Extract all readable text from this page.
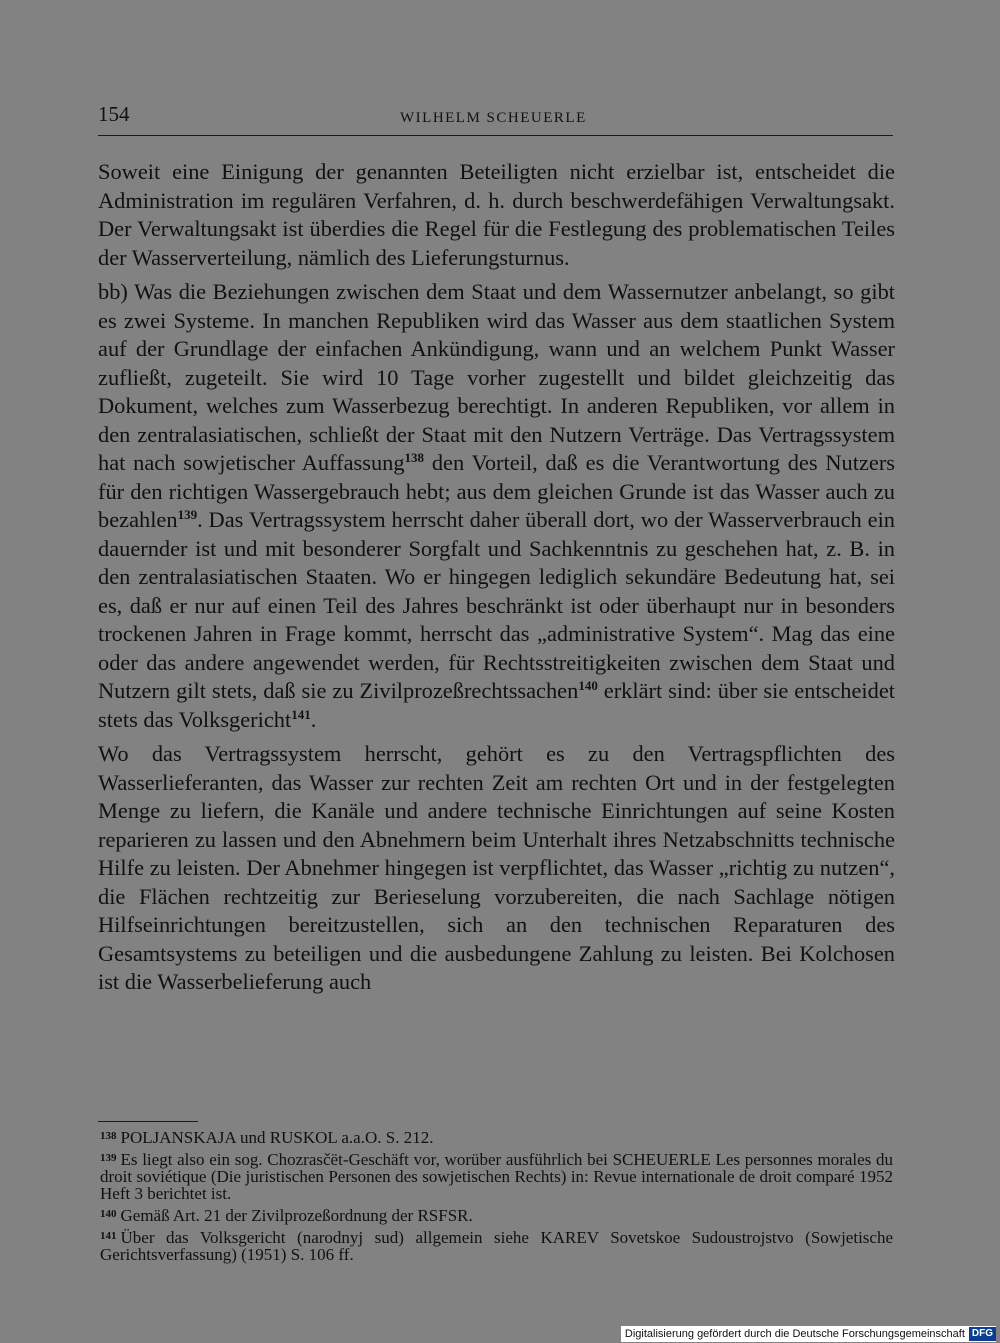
154	WILHELM SCHEUERLE

Soweit eine Einigung der genannten Beteiligten nicht erzielbar ist, entscheidet die Administration im regulären Verfahren, d. h. durch beschwerdefähigen Verwaltungsakt. Der Verwaltungsakt ist überdies die Regel für die Festlegung des problematischen Teiles der Wasserverteilung, nämlich des Lieferungsturnus.

bb) Was die Beziehungen zwischen dem Staat und dem Wassernutzer anbelangt, so gibt es zwei Systeme. In manchen Republiken wird das Wasser aus dem staatlichen System auf der Grundlage der einfachen Ankündigung, wann und an welchem Punkt Wasser zufließt, zugeteilt. Sie wird 10 Tage vorher zugestellt und bildet gleichzeitig das Dokument, welches zum Wasserbezug berechtigt. In anderen Republiken, vor allem in den zentralasiatischen, schließt der Staat mit den Nutzern Verträge. Das Vertragssystem hat nach sowjetischer Auffassung$^{138}$ den Vorteil, daß es die Verantwortung des Nutzers für den richtigen Wassergebrauch hebt; aus dem gleichen Grunde ist das Wasser auch zu bezahlen$^{139}$. Das Vertragssystem herrscht daher überall dort, wo der Wasserverbrauch ein dauernder ist und mit besonderer Sorgfalt und Sachkenntnis zu geschehen hat, z. B. in den zentralasiatischen Staaten. Wo er hingegen lediglich sekundäre Bedeutung hat, sei es, daß er nur auf einen Teil des Jahres beschränkt ist oder überhaupt nur in besonders trockenen Jahren in Frage kommt, herrscht das „administrative System“. Mag das eine oder das andere angewendet werden, für Rechtsstreitigkeiten zwischen dem Staat und Nutzern gilt stets, daß sie zu Zivilprozeßrechtssachen$^{140}$ erklärt sind: über sie entscheidet stets das Volksgericht$^{141}$.

Wo das Vertragssystem herrscht, gehört es zu den Vertragspflichten des Wasserlieferanten, das Wasser zur rechten Zeit am rechten Ort und in der festgelegten Menge zu liefern, die Kanäle und andere technische Einrichtungen auf seine Kosten reparieren zu lassen und den Abnehmern beim Unterhalt ihres Netzabschnitts technische Hilfe zu leisten. Der Abnehmer hingegen ist verpflichtet, das Wasser „richtig zu nutzen“, die Flächen rechtzeitig zur Berieselung vorzubereiten, die nach Sachlage nötigen Hilfseinrichtungen bereitzustellen, sich an den technischen Reparaturen des Gesamtsystems zu beteiligen und die ausbedungene Zahlung zu leisten. Bei Kolchosen ist die Wasserbelieferung auch

$^{138}$ POLJANSKAJA und RUSKOL a.a.O. S. 212.
$^{139}$ Es liegt also ein sog. Chozrasčët-Geschäft vor, worüber ausführlich bei SCHEUERLE Les personnes morales du droit soviétique (Die juristischen Personen des sowjetischen Rechts) in: Revue internationale de droit comparé 1952 Heft 3 berichtet ist.
$^{140}$ Gemäß Art. 21 der Zivilprozeßordnung der RSFSR.
$^{141}$ Über das Volksgericht (narodnyj sud) allgemein siehe KAREV Sovetskoe Sudoustrojstvo (Sowjetische Gerichtsverfassung) (1951) S. 106 ff.
Digitalisierung gefördert durch die Deutsche Forschungsgemeinschaft DFG
